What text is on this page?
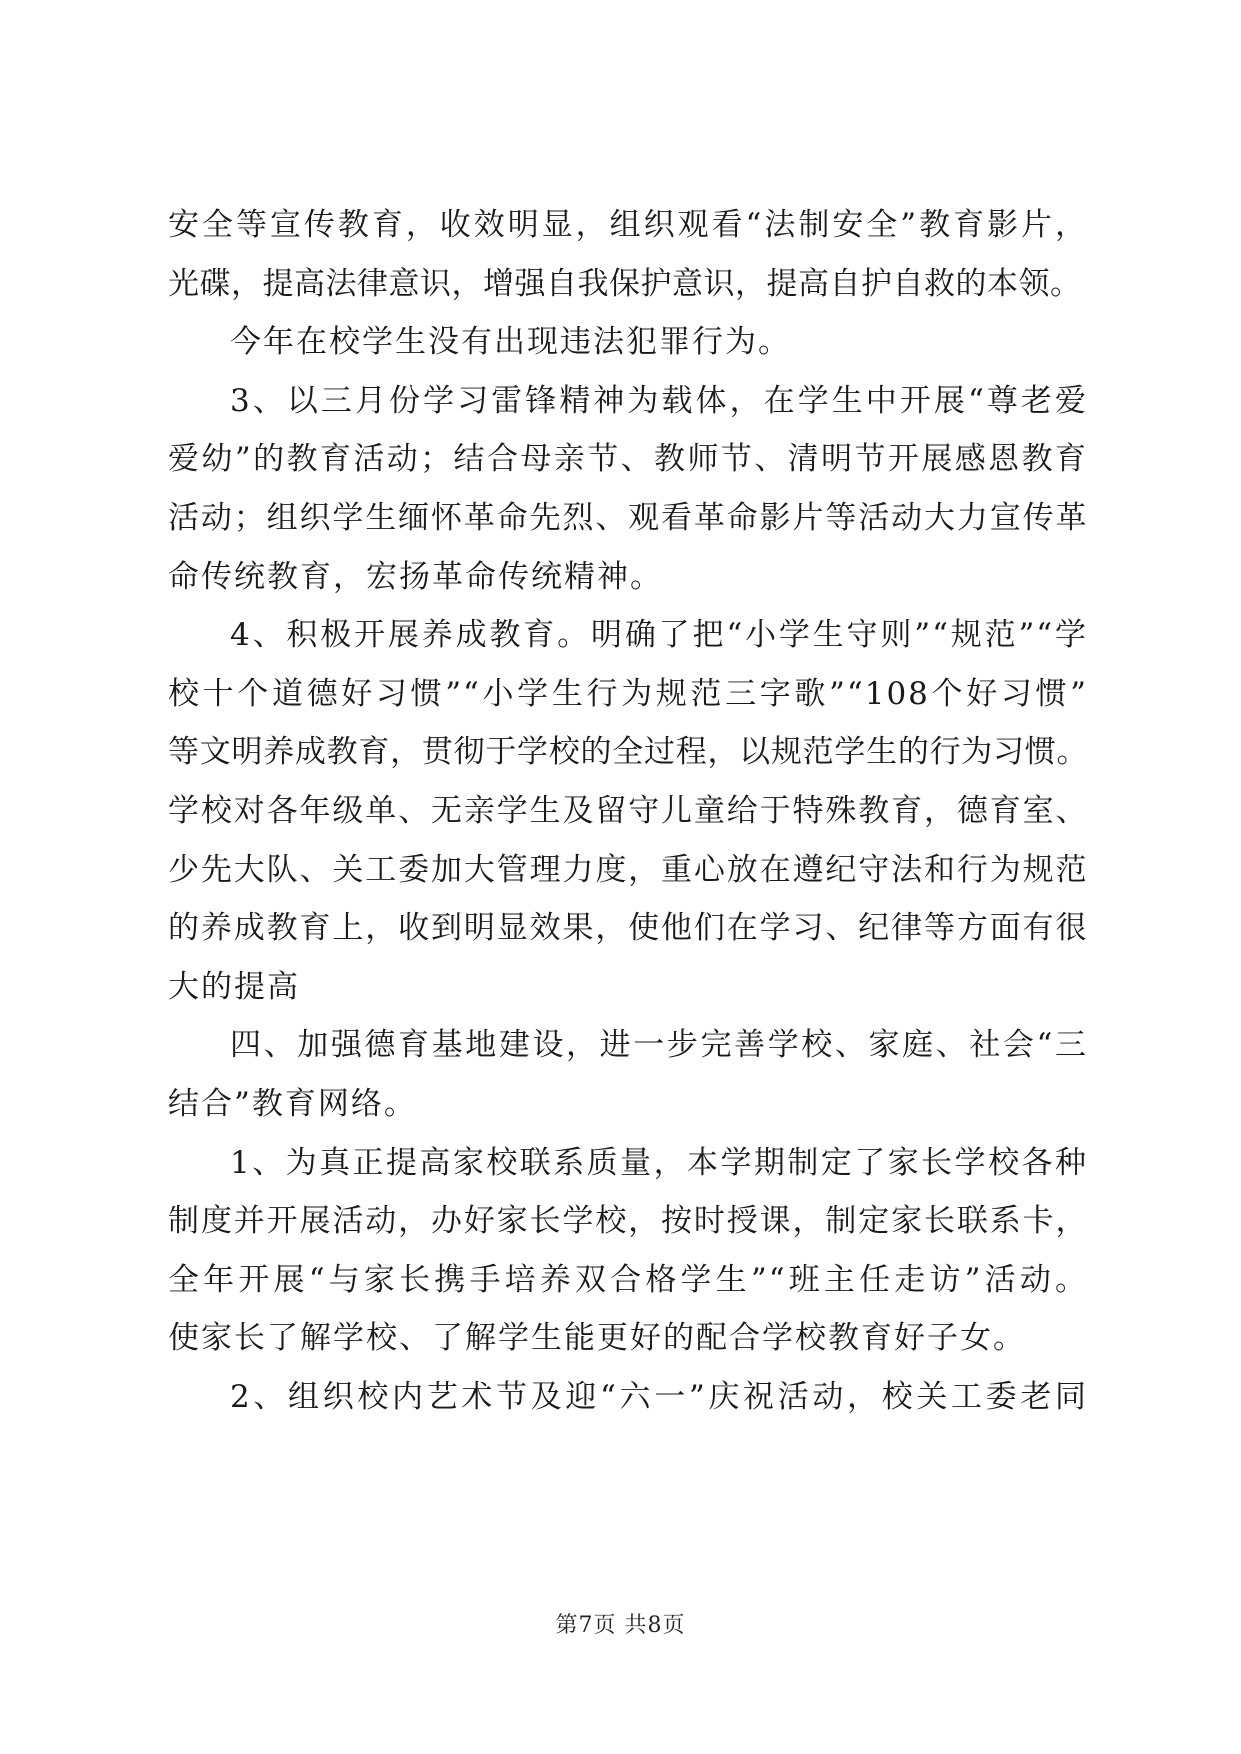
安全等宣传教育，收效明显，组织观看“法制安全”教育影片，
光碟，提高法律意识，增强自我保护意识，提高自护自救的本领。
今年在校学生没有出现违法犯罪行为。
3、以三月份学习雷锋精神为载体，在学生中开展“尊老爱
爱幼”的教育活动；结合母亲节、教师节、清明节开展感恩教育
活动；组织学生缅怀革命先烈、观看革命影片等活动大力宣传革
命传统教育，宏扬革命传统精神。
4、积极开展养成教育。明确了把“小学生守则”“规范”“学
校十个道德好习惯”“小学生行为规范三字歌”“108个好习惯”
等文明养成教育，贯彻于学校的全过程，以规范学生的行为习惯。
学校对各年级单、无亲学生及留守儿童给于特殊教育，德育室、
少先大队、关工委加大管理力度，重心放在遵纪守法和行为规范
的养成教育上，收到明显效果，使他们在学习、纪律等方面有很
大的提高
四、加强德育基地建设，进一步完善学校、家庭、社会“三
结合”教育网络。
1、为真正提高家校联系质量，本学期制定了家长学校各种
制度并开展活动，办好家长学校，按时授课，制定家长联系卡，
全年开展“与家长携手培养双合格学生”“班主任走访”活动。
使家长了解学校、了解学生能更好的配合学校教育好子女。
2、组织校内艺术节及迎“六一”庆祝活动，校关工委老同
第7页 共8页
